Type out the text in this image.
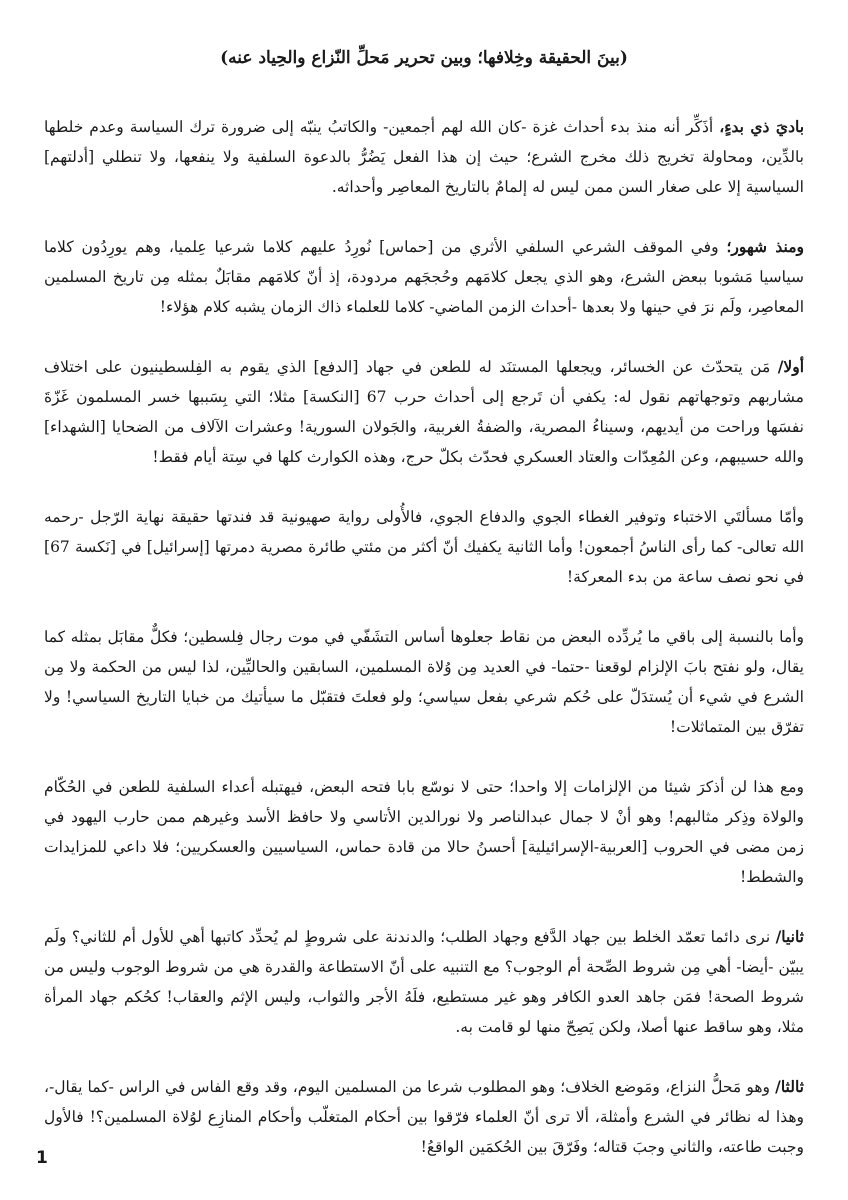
(بينَ الحقيقة وخِلافها؛ وبين تحرير مَحلِّ النّزاع والحِياد عنه)

باديَ ذي بدءٍ، أذَكِّر أنه منذ بدء أحداث غزة -كان الله لهم أجمعين- والكاتبُ ينبّه إلى ضرورة ترك السياسة وعدم خلطها بالدِّين، ومحاولة تخريج ذلك مخرج الشرع؛ حيث إن هذا الفعل يَضُرُّ بالدعوة السلفية ولا ينفعها، ولا تنطلي [أدلتهم] السياسية إلا على صغار السن ممن ليس له إلمامٌ بالتاريخ المعاصِر وأحداثه.

ومنذ شهور؛ وفي الموقف الشرعي السلفي الأثري من [حماس] نُورِدُ عليهم كلاما شرعيا عِلميا، وهم يورِدُون كلاما سياسيا مَشوبا ببعض الشرع، وهو الذي يجعل كلامَهم وحُججَهم مردودة، إذ أنّ كلامَهم مقابَلٌ بمثله مِن تاريخ المسلمين المعاصِر، ولَم نرَ في حينها ولا بعدها -أحداث الزمن الماضي- كلاما للعلماء ذاك الزمان يشبه كلام هؤلاء!

أولا/ مَن يتحدّث عن الخسائر، ويجعلها المستنَد له للطعن في جهاد [الدفع] الذي يقوم به الفِلسطينيون على اختلاف مشاربهم وتوجهاتهم نقول له: يكفي أن تَرجع إلى أحداث حرب 67 [النكسة] مثلا؛ التي بِسَببها خسر المسلمون غَزّةَ نفسَها وراحت من أيديهم، وسيناءُ المصرية، والضفةُ الغربية، والجَولان السورية! وعشرات الآلاف من الضحايا [الشهداء] والله حسيبهم، وعن المُعِدّات والعتاد العسكري فحدّث بكلّ حرج، وهذه الكوارث كلها في سِتة أيام فقط!

وأمّا مسألتَي الاختباء وتوفير الغطاء الجوي والدفاع الجوي، فالأُولى رواية صهيونية قد فندتها حقيقة نهاية الرّجل -رحمه الله تعالى- كما رأى الناسُ أجمعون! وأما الثانية يكفيك أنّ أكثر من مئتي طائرة مصرية دمرتها [إسرائيل] في [نَكسة 67] في نحو نصف ساعة من بدء المعركة!

وأما بالنسبة إلى باقي ما يُردِّده البعض من نقاط جعلوها أساس التشَفّي في موت رجال فِلسطين؛ فكلٌّ مقابَل بمثله كما يقال، ولو نفتح بابَ الإلزام لوقعنا -حتما- في العديد مِن وُلاة المسلمين، السابقين والحاليِّين، لذا ليس من الحكمة ولا مِن الشرع في شيء أن يُستدَلّ على حُكم شرعي بفعل سياسي؛ ولو فعلتَ فتقبّل ما سيأتيك من خبايا التاريخ السياسي! ولا تفرّق بين المتماثلات!

ومع هذا لن أذكرَ شيئا من الإلزامات إلا واحدا؛ حتى لا نوسّع بابا فتحه البعض، فيهتبله أعداء السلفية للطعن في الحُكّام والولاة وذِكر مثالبهم! وهو أنْ لا جمال عبدالناصر ولا نورالدين الأتاسي ولا حافظ الأسد وغيرهم ممن حارب اليهود في زمن مضى في الحروب [العربية-الإسرائيلية] أحسنُ حالا من قادة حماس، السياسيين والعسكريين؛ فلا داعي للمزايدات والشطط!

ثانيا/ نرى دائما تعمّد الخلط بين جهاد الدَّفع وجهاد الطلب؛ والدندنة على شروطٍ لم يُحدِّد كاتبها أهي للأول أم للثاني؟ ولَم يبيّن -أيضا- أهي مِن شروط الصِّحة أم الوجوب؟ مع التنبيه على أنّ الاستطاعة والقدرة هي من شروط الوجوب وليس من شروط الصحة! فمَن جاهد العدو الكافر وهو غير مستطيع، فلَهُ الأجر والثواب، وليس الإثم والعقاب! كحُكم جهاد المرأة مثلا، وهو ساقط عنها أصلا، ولكن يَصِحّ منها لو قامت به.

ثالثا/ وهو مَحلُّ النزاع، ومَوضع الخلاف؛ وهو المطلوب شرعا من المسلمين اليوم، وقد وقع الفاس في الراس -كما يقال-، وهذا له نظائر في الشرع وأمثلة، ألا ترى أنّ العلماء فرّقوا بين أحكام المتغلّب وأحكام المنازِع لوُلاة المسلمين؟! فالأول وجبت طاعته، والثاني وجبَ قتاله؛ وفَرّقَ بين الحُكمَين الواقعُ!

1
